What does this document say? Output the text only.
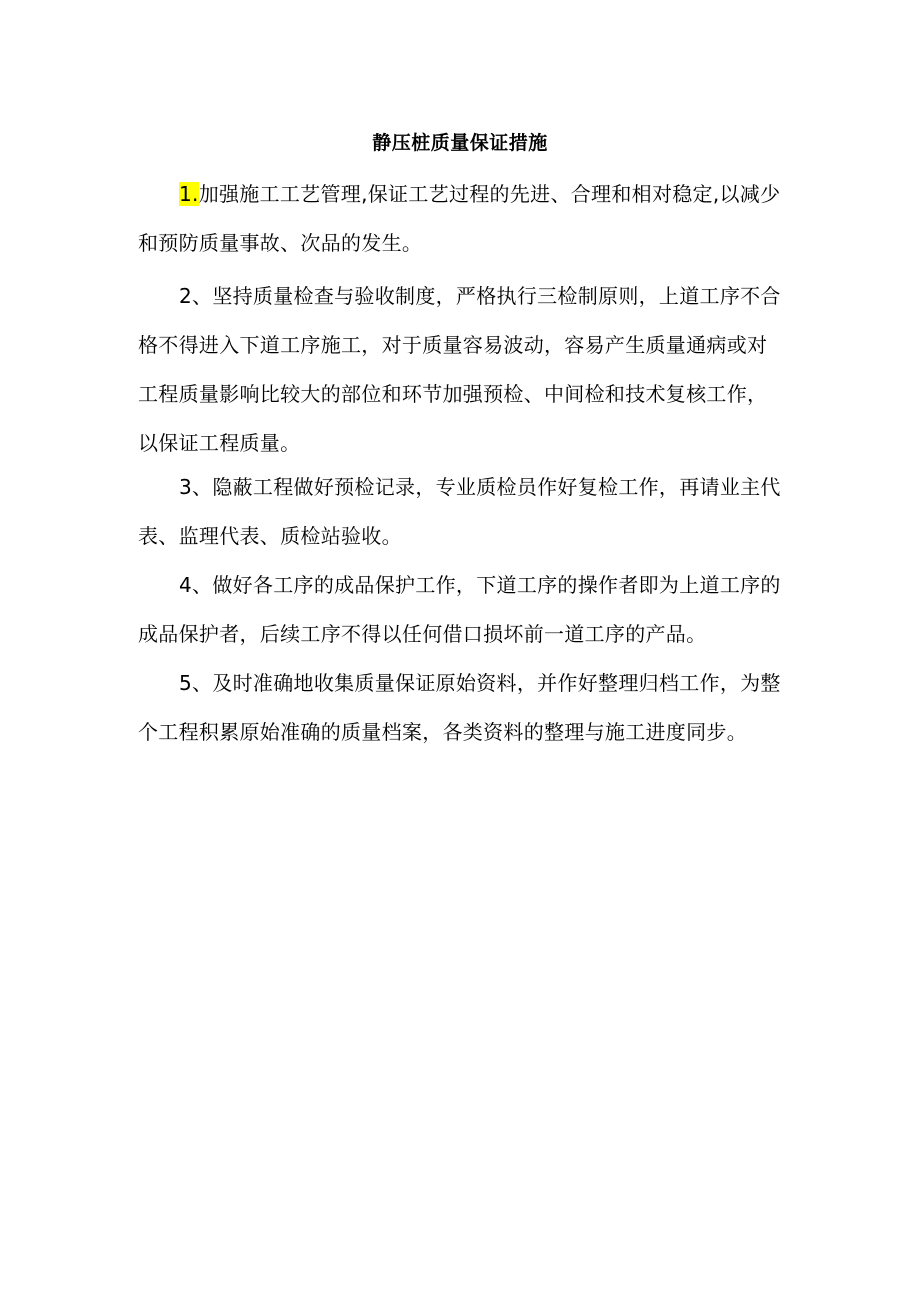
静压桩质量保证措施

1.加强施工工艺管理,保证工艺过程的先进、合理和相对稳定,以减少和预防质量事故、次品的发生。

2、坚持质量检查与验收制度，严格执行三检制原则，上道工序不合格不得进入下道工序施工，对于质量容易波动，容易产生质量通病或对工程质量影响比较大的部位和环节加强预检、中间检和技术复核工作，以保证工程质量。

3、隐蔽工程做好预检记录，专业质检员作好复检工作，再请业主代表、监理代表、质检站验收。

4、做好各工序的成品保护工作，下道工序的操作者即为上道工序的成品保护者，后续工序不得以任何借口损坏前一道工序的产品。

5、及时准确地收集质量保证原始资料，并作好整理归档工作，为整个工程积累原始准确的质量档案，各类资料的整理与施工进度同步。
